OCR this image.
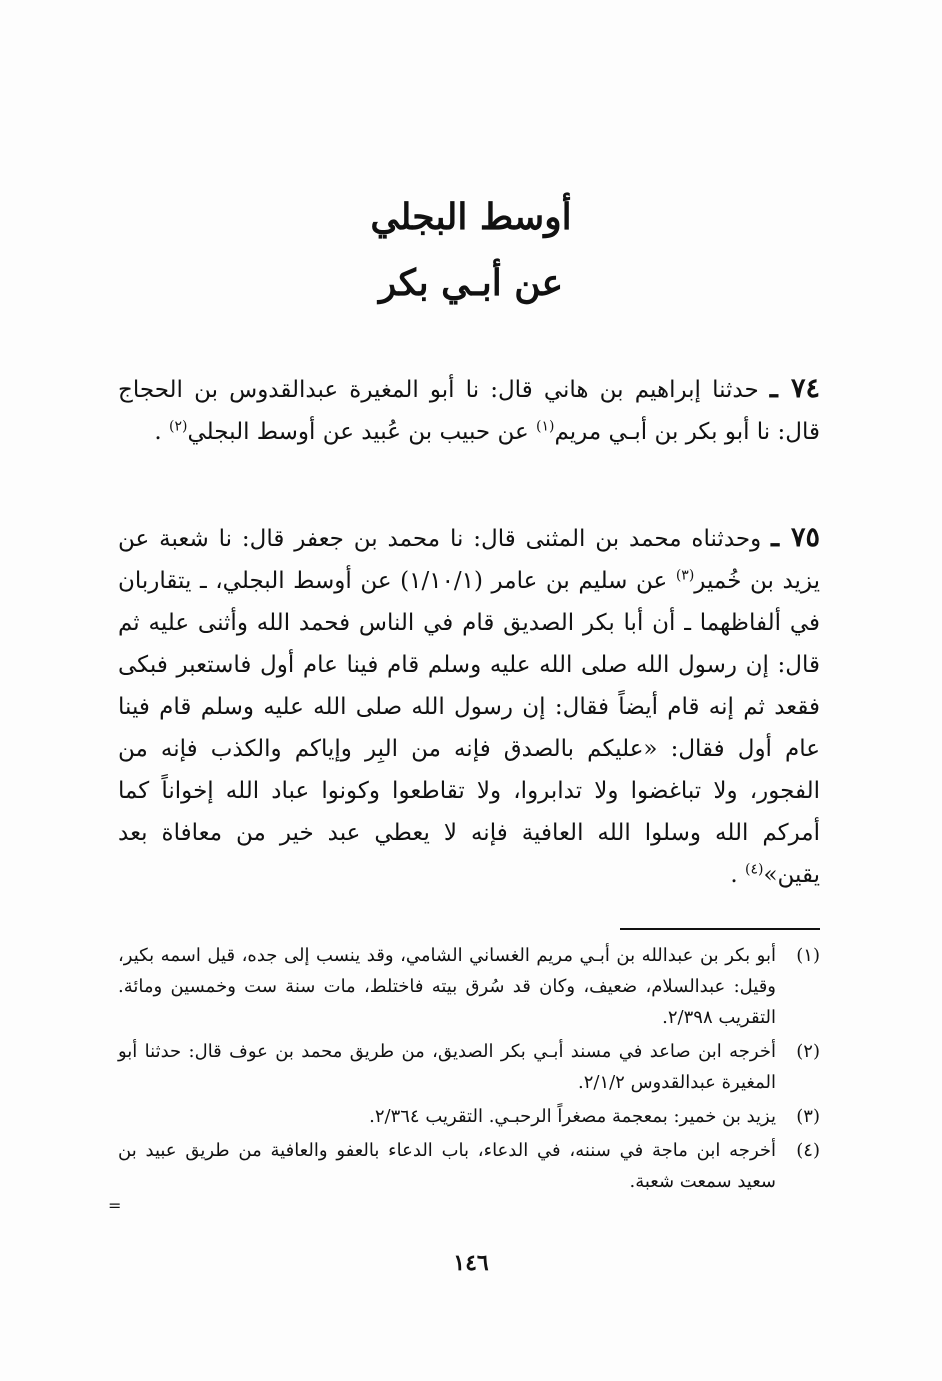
أوسط البجلي
عن أبـي بكر

٧٤ ـ حدثنا إبراهيم بن هاني قال: نا أبو المغيرة عبدالقدوس بن الحجاج قال: نا أبو بكر بن أبـي مريم$^{(١)}$ عن حبيب بن عُبيد عن أوسط البجلي$^{(٢)}$ .

٧٥ ـ وحدثناه محمد بن المثنى قال: نا محمد بن جعفر قال: نا شعبة عن يزيد بن خُمير$^{(٣)}$ عن سليم بن عامر (١/١٠/١) عن أوسط البجلي، ـ يتقاربان في ألفاظهما ـ أن أبا بكر الصديق قام في الناس فحمد الله وأثنى عليه ثم قال: إن رسول الله صلى الله عليه وسلم قام فينا عام أول فاستعبر فبكى فقعد ثم إنه قام أيضاً فقال: إن رسول الله صلى الله عليه وسلم قام فينا عام أول فقال: «عليكم بالصدق فإنه من البِر وإياكم والكذب فإنه من الفجور، ولا تباغضوا ولا تدابروا، ولا تقاطعوا وكونوا عباد الله إخواناً كما أمركم الله وسلوا الله العافية فإنه لا يعطي عبد خير من معافاة بعد يقين»$^{(٤)}$ .

(١)
أبو بكر بن عبدالله بن أبـي مريم الغساني الشامي، وقد ينسب إلى جده، قيل اسمه بكير، وقيل: عبدالسلام، ضعيف، وكان قد سُرق بيته فاختلط، مات سنة ست وخمسين ومائة. التقريب ٢/٣٩٨.
(٢)
أخرجه ابن صاعد في مسند أبـي بكر الصديق، من طريق محمد بن عوف قال: حدثنا أبو المغيرة عبدالقدوس ٢/١/٢.
(٣)
يزيد بن خمير: بمعجمة مصغراً الرحبـي. التقريب ٢/٣٦٤.
(٤)
أخرجه ابن ماجة في سننه، في الدعاء، باب الدعاء بالعفو والعافية من طريق عبيد بن سعيد سمعت شعبة.
=
١٤٦
